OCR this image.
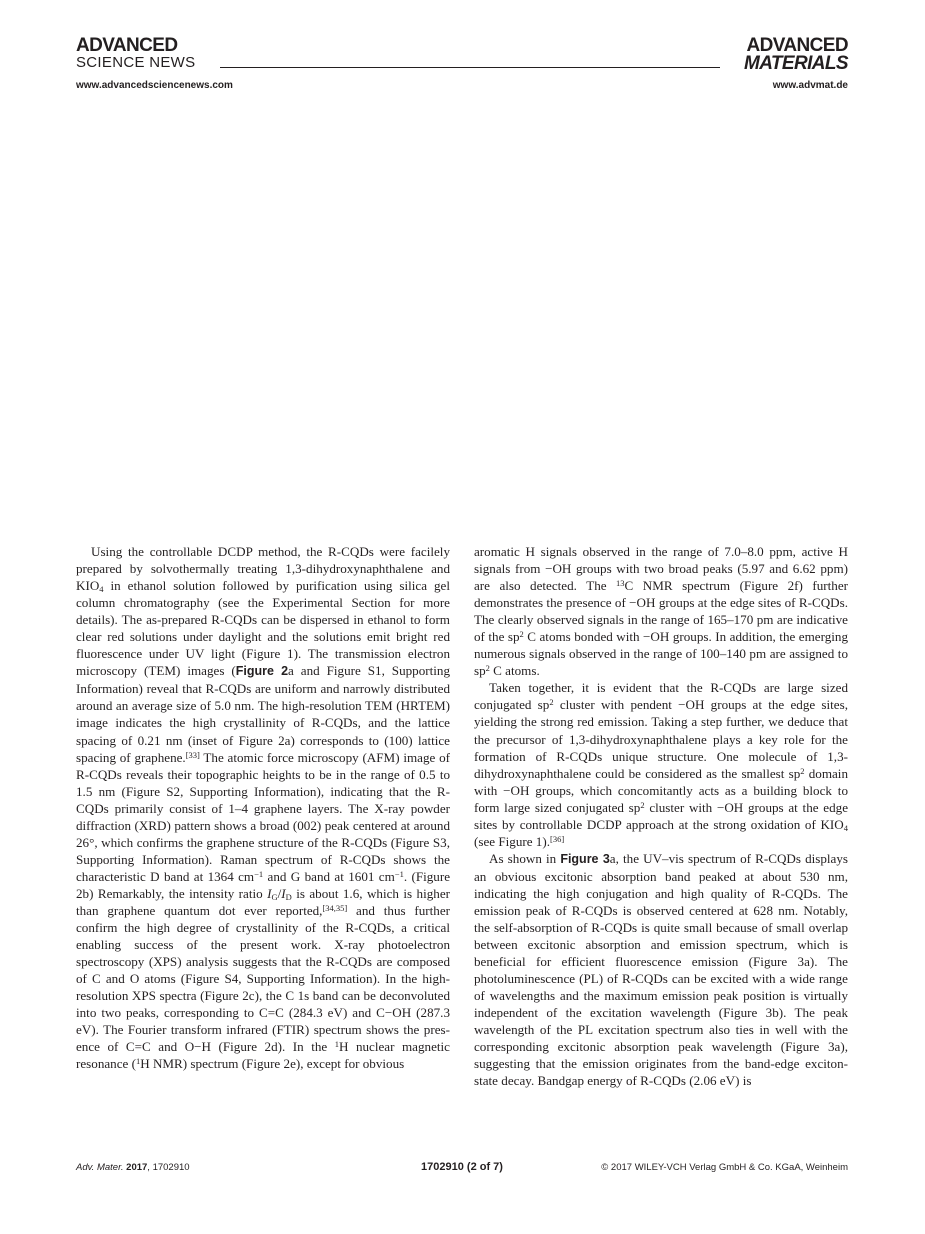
ADVANCED
SCIENCE NEWS
ADVANCED
MATERIALS
www.advancedsciencenews.com	www.advmat.de

Using the controllable DCDP method, the R-CQDs were facilely prepared by solvothermally treating 1,3-dihydroxynaphthalene and $KIO_4$ in ethanol solution followed by purification using silica gel column chromatography (see the Experimental Section for more details). The as-prepared R-CQDs can be dispersed in ethanol to form clear red solutions under daylight and the solutions emit bright red fluorescence under UV light (Figure 1). The transmission electron microscopy (TEM) images (Figure 2a and Figure S1, Supporting Information) reveal that R-CQDs are uniform and narrowly distributed around an average size of 5.0 nm. The high-resolution TEM (HRTEM) image indicates the high crystallinity of R-CQDs, and the lattice spacing of 0.21 nm (inset of Figure 2a) corresponds to (100) lattice spacing of graphene.[33] The atomic force microscopy (AFM) image of R-CQDs reveals their topographic heights to be in the range of 0.5 to 1.5 nm (Figure S2, Supporting Information), indicating that the R-CQDs primarily consist of 1–4 graphene layers. The X-ray powder diffraction (XRD) pattern shows a broad (002) peak centered at around 26°, which confirms the graphene structure of the R-CQDs (Figure S3, Supporting Information). Raman spectrum of R-CQDs shows the characteristic D band at 1364 $cm^{-1}$ and G band at 1601 $cm^{-1}$. (Figure 2b) Remarkably, the intensity ratio $I_G/I_D$ is about 1.6, which is higher than graphene quantum dot ever reported,[34,35] and thus further confirm the high degree of crystallinity of the R-CQDs, a critical enabling success of the present work. X-ray photoelectron spectroscopy (XPS) analysis suggests that the R-CQDs are composed of C and O atoms (Figure S4, Supporting Information). In the high-resolution XPS spectra (Figure 2c), the C 1s band can be deconvoluted into two peaks, corresponding to C=C (284.3 eV) and C−OH (287.3 eV). The Fourier transform infrared (FTIR) spectrum shows the presence of C=C and O−H (Figure 2d). In the $^1$H nuclear magnetic resonance ($^1$H NMR) spectrum (Figure 2e), except for obvious

aromatic H signals observed in the range of 7.0–8.0 ppm, active H signals from −OH groups with two broad peaks (5.97 and 6.62 ppm) are also detected. The $^{13}$C NMR spectrum (Figure 2f) further demonstrates the presence of −OH groups at the edge sites of R-CQDs. The clearly observed signals in the range of 165–170 pm are indicative of the $sp^2$ C atoms bonded with −OH groups. In addition, the emerging numerous signals observed in the range of 100–140 pm are assigned to $sp^2$ C atoms.

Taken together, it is evident that the R-CQDs are large sized conjugated $sp^2$ cluster with pendent −OH groups at the edge sites, yielding the strong red emission. Taking a step further, we deduce that the precursor of 1,3-dihydroxynaphthalene plays a key role for the formation of R-CQDs unique structure. One molecule of 1,3-dihydroxynaphthalene could be considered as the smallest $sp^2$ domain with −OH groups, which concomitantly acts as a building block to form large sized conjugated $sp^2$ cluster with −OH groups at the edge sites by controllable DCDP approach at the strong oxidation of $KIO_4$ (see Figure 1).[36]

As shown in Figure 3a, the UV–vis spectrum of R-CQDs displays an obvious excitonic absorption band peaked at about 530 nm, indicating the high conjugation and high quality of R-CQDs. The emission peak of R-CQDs is observed centered at 628 nm. Notably, the self-absorption of R-CQDs is quite small because of small overlap between excitonic absorption and emission spectrum, which is beneficial for efficient fluorescence emission (Figure 3a). The photoluminescence (PL) of R-CQDs can be excited with a wide range of wavelengths and the maximum emission peak position is virtually independent of the excitation wavelength (Figure 3b). The peak wavelength of the PL excitation spectrum also ties in well with the corresponding excitonic absorption peak wavelength (Figure 3a), suggesting that the emission originates from the band-edge exciton-state decay. Bandgap energy of R-CQDs (2.06 eV) is

Adv. Mater. 2017, 1702910	1702910 (2 of 7)	© 2017 WILEY-VCH Verlag GmbH & Co. KGaA, Weinheim
